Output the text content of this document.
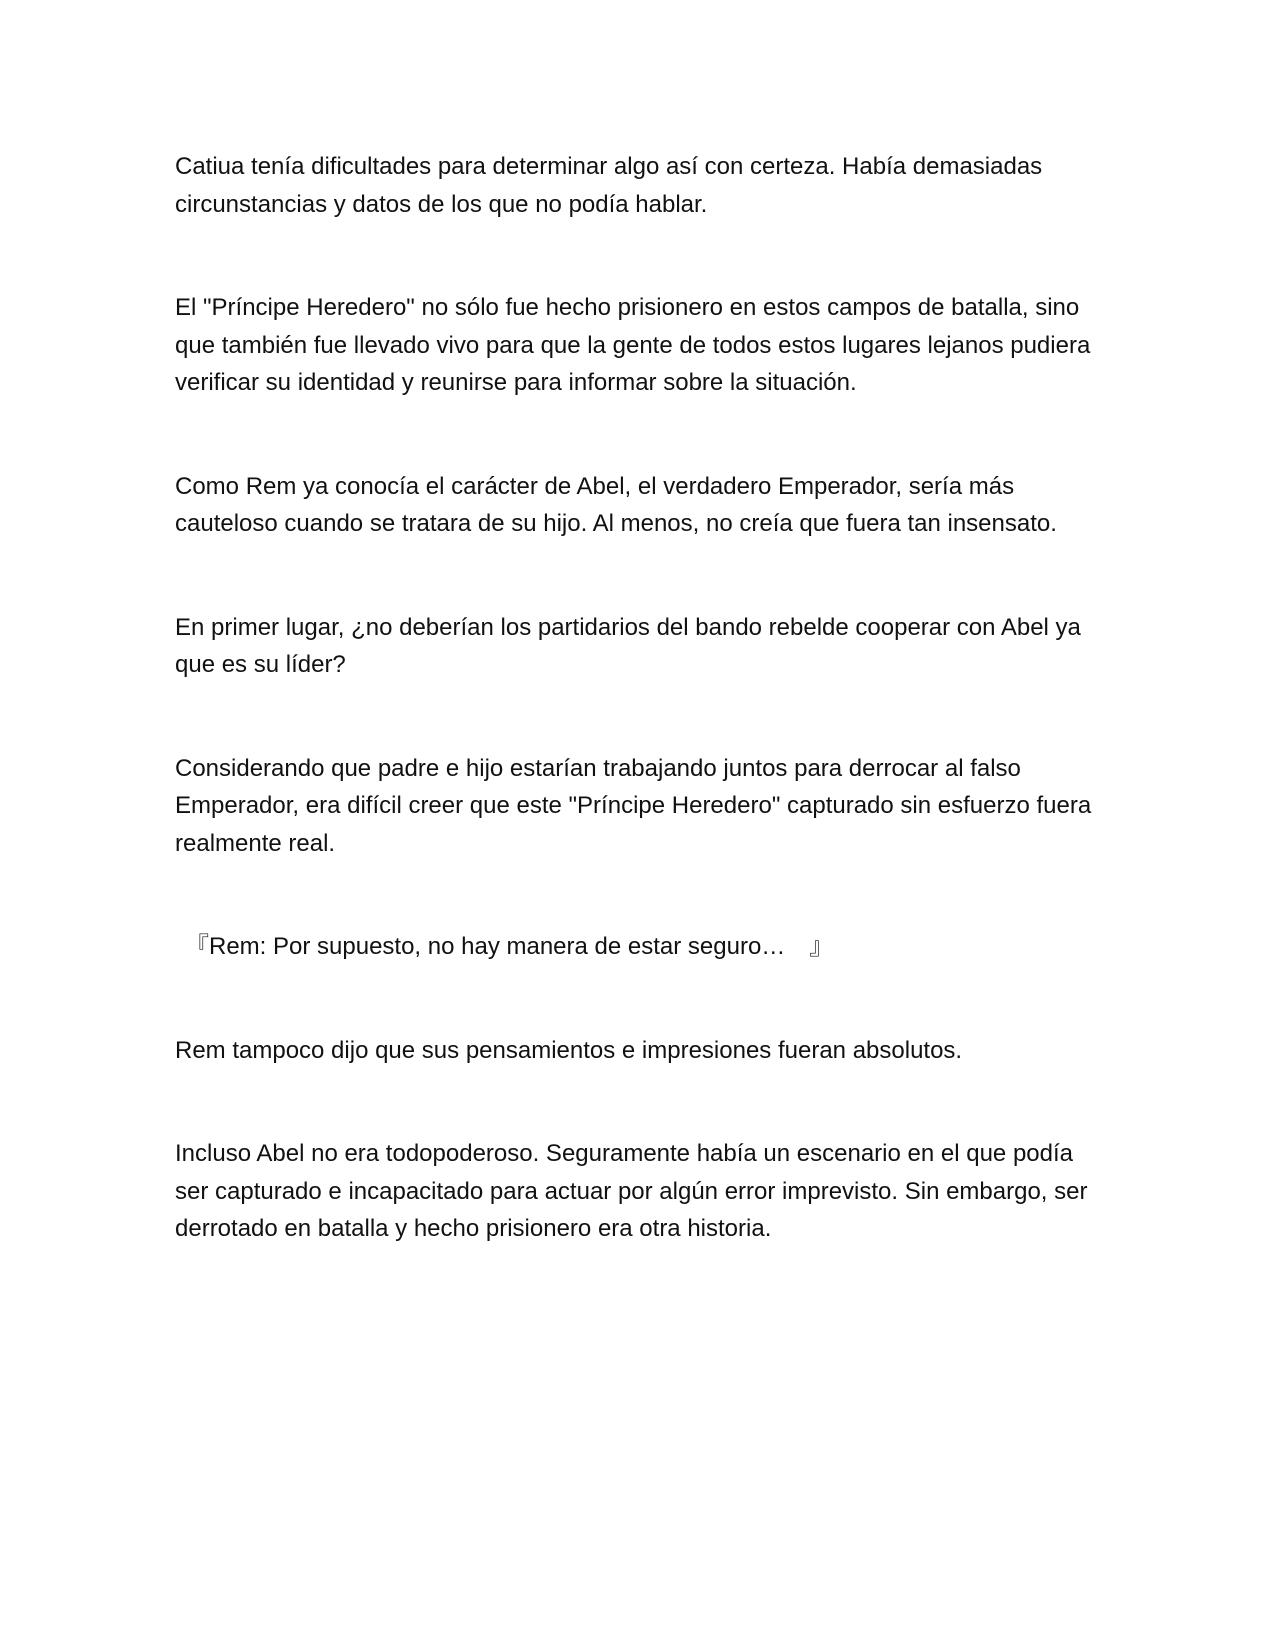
Catiua tenía dificultades para determinar algo así con certeza. Había demasiadas circunstancias y datos de los que no podía hablar.

El "Príncipe Heredero" no sólo fue hecho prisionero en estos campos de batalla, sino que también fue llevado vivo para que la gente de todos estos lugares lejanos pudiera verificar su identidad y reunirse para informar sobre la situación.

Como Rem ya conocía el carácter de Abel, el verdadero Emperador, sería más cauteloso cuando se tratara de su hijo. Al menos, no creía que fuera tan insensato.

En primer lugar, ¿no deberían los partidarios del bando rebelde cooperar con Abel ya que es su líder?

Considerando que padre e hijo estarían trabajando juntos para derrocar al falso Emperador, era difícil creer que este "Príncipe Heredero" capturado sin esfuerzo fuera realmente real.

『Rem: Por supuesto, no hay manera de estar seguro…　』

Rem tampoco dijo que sus pensamientos e impresiones fueran absolutos.

Incluso Abel no era todopoderoso. Seguramente había un escenario en el que podía ser capturado e incapacitado para actuar por algún error imprevisto. Sin embargo, ser derrotado en batalla y hecho prisionero era otra historia.
